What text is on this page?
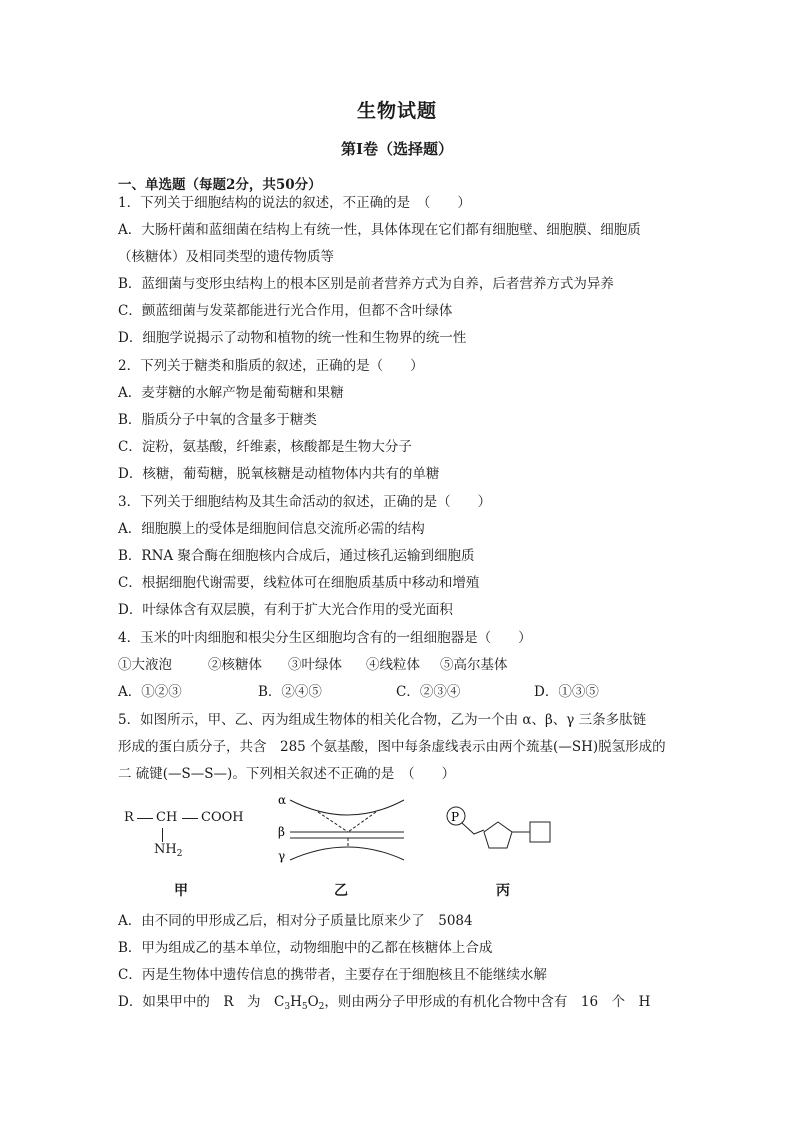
生物试题
第Ⅰ卷（选择题）
一、单选题（每题2分，共50分）
1．下列关于细胞结构的说法的叙述，不正确的是　（　　）
A．大肠杆菌和蓝细菌在结构上有统一性，具体体现在它们都有细胞壁、细胞膜、细胞质
（核糖体）及相同类型的遗传物质等
B．蓝细菌与变形虫结构上的根本区别是前者营养方式为自养，后者营养方式为异养
C．颤蓝细菌与发菜都能进行光合作用，但都不含叶绿体
D．细胞学说揭示了动物和植物的统一性和生物界的统一性
2．下列关于糖类和脂质的叙述，正确的是（　　）
A．麦芽糖的水解产物是葡萄糖和果糖
B．脂质分子中氧的含量多于糖类
C．淀粉，氨基酸，纤维素，核酸都是生物大分子
D．核糖，葡萄糖，脱氧核糖是动植物体内共有的单糖
3．下列关于细胞结构及其生命活动的叙述，正确的是（　　）
A．细胞膜上的受体是细胞间信息交流所必需的结构
B．RNA 聚合酶在细胞核内合成后，通过核孔运输到细胞质
C．根据细胞代谢需要，线粒体可在细胞质基质中移动和增殖
D．叶绿体含有双层膜，有利于扩大光合作用的受光面积
4．玉米的叶肉细胞和根尖分生区细胞均含有的一组细胞器是（　　）
①大液泡	②核糖体 ③叶绿体 ④线粒体 ⑤高尔基体
A．①②③	B．②④⑤	C．②③④	D．①③⑤
5．如图所示，甲、乙、丙为组成生物体的相关化合物，乙为一个由 α、β、γ 三条多肽链
形成的蛋白质分子，共含　285 个氨基酸，图中每条虚线表示由两个巯基(—SH)脱氢形成的
二 硫键(—S—S—)。下列相关叙述不正确的是　（　　）
R CH COOH
$NH_2$
α
β
γ
P
甲	乙	丙
A．由不同的甲形成乙后，相对分子质量比原来少了　5084
B．甲为组成乙的基本单位，动物细胞中的乙都在核糖体上合成
C．丙是生物体中遗传信息的携带者，主要存在于细胞核且不能继续水解
D．如果甲中的　R　为　$C_3H_5O_2$，则由两分子甲形成的有机化合物中含有　16　个　H
